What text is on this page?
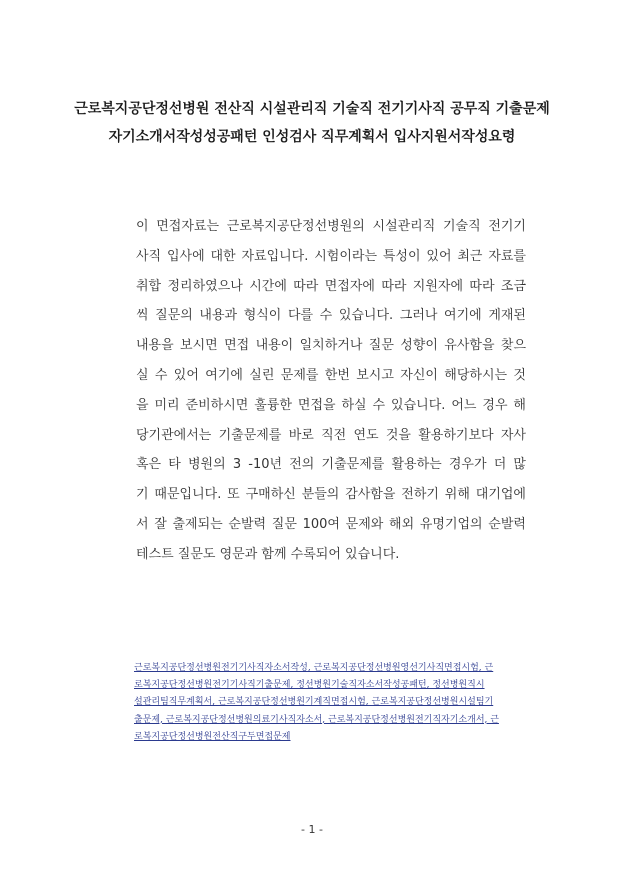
근로복지공단정선병원 전산직 시설관리직 기술직 전기기사직 공무직 기출문제
자기소개서작성성공패턴 인성검사 직무계획서 입사지원서작성요령
이 면접자료는 근로복지공단정선병원의 시설관리직 기술직 전기기
사직 입사에 대한 자료입니다. 시험이라는 특성이 있어 최근 자료를
취합 정리하였으나 시간에 따라 면접자에 따라 지원자에 따라 조금
씩 질문의 내용과 형식이 다를 수 있습니다. 그러나 여기에 게재된
내용을 보시면 면접 내용이 일치하거나 질문 성향이 유사함을 찾으
실 수 있어 여기에 실린 문제를 한번 보시고 자신이 해당하시는 것
을 미리 준비하시면 훌륭한 면접을 하실 수 있습니다. 어느 경우 해
당기관에서는 기출문제를 바로 직전 연도 것을 활용하기보다 자사
혹은 타 병원의 3 -10년 전의 기출문제를 활용하는 경우가 더 많
기 때문입니다. 또 구매하신 분들의 감사함을 전하기 위해 대기업에
서 잘 출제되는 순발력 질문 100여 문제와 해외 유명기업의 순발력
테스트 질문도 영문과 함께 수록되어 있습니다.
근로복지공단정선병원전기기사직자소서작성, 근로복지공단정선병원영선기사직면접시험, 근
로복지공단정선병원전기기사직기출문제, 정선병원기술직자소서작성공패턴, 정선병원직시
설관리팀직무계획서, 근로복지공단정선병원기계직면접시험, 근로복지공단정선병원시설팀기
출문제, 근로복지공단정선병원의료기사직자소서, 근로복지공단정선병원전기직자기소개서, 근
로복지공단정선병원전산직구두면접문제
- 1 -
